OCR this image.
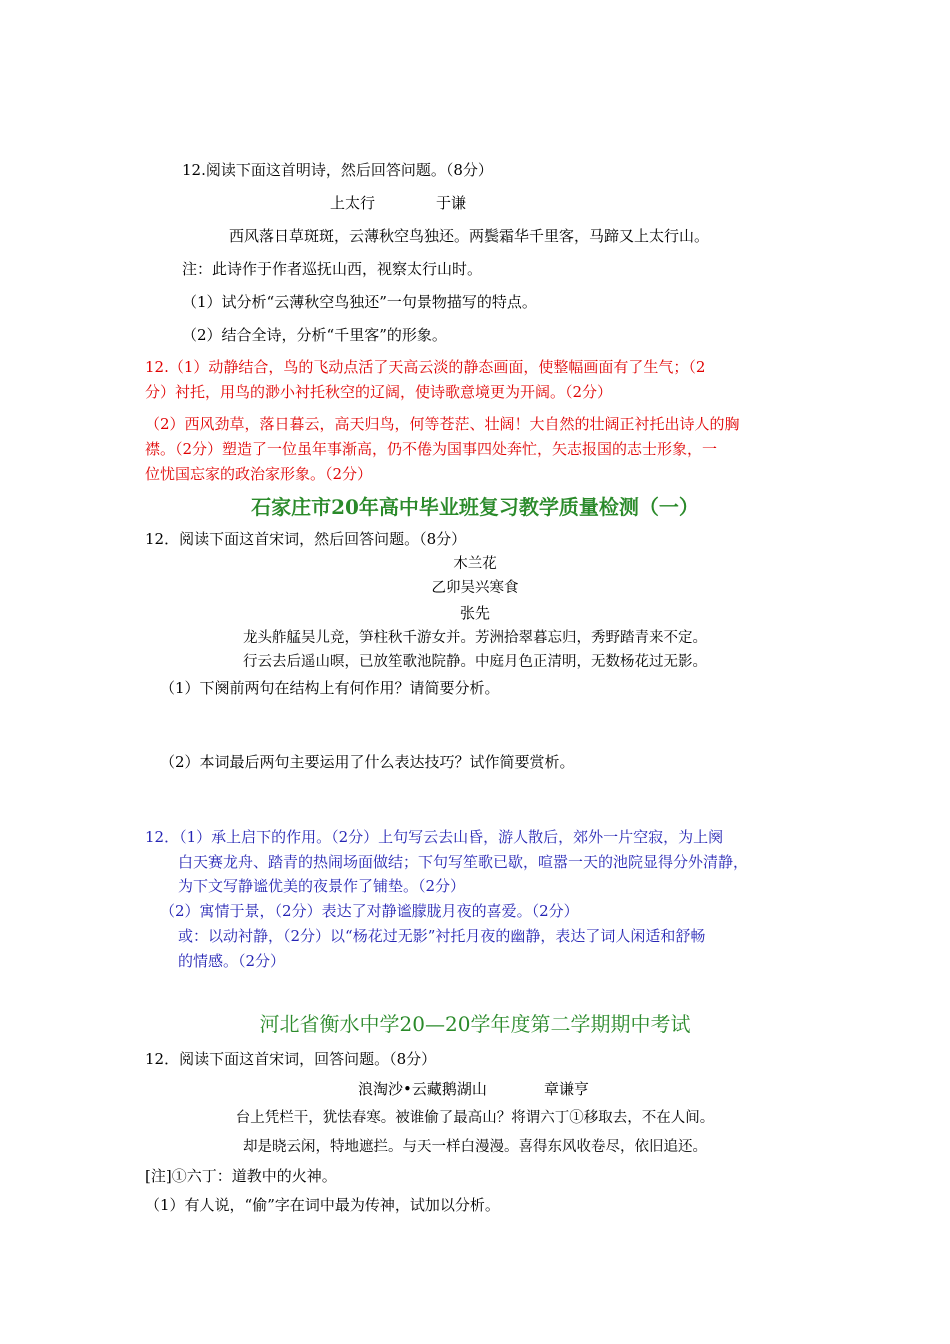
12.阅读下面这首明诗，然后回答问题。（8分）
上太行	于谦
西风落日草斑斑，云薄秋空鸟独还。两鬓霜华千里客，马蹄又上太行山。
注：此诗作于作者巡抚山西，视察太行山时。
（1）试分析“云薄秋空鸟独还”一句景物描写的特点。
（2）结合全诗，分析“千里客”的形象。
12.（1）动静结合，鸟的飞动点活了天高云淡的静态画面，使整幅画面有了生气；（2
分）衬托，用鸟的渺小衬托秋空的辽阔，使诗歌意境更为开阔。（2分）
（2）西风劲草，落日暮云，高天归鸟，何等苍茫、壮阔！大自然的壮阔正衬托出诗人的胸
襟。（2分）塑造了一位虽年事渐高，仍不倦为国事四处奔忙，矢志报国的志士形象，一
位忧国忘家的政治家形象。（2分）
石家庄市20年高中毕业班复习教学质量检测（一）
12．阅读下面这首宋词，然后回答问题。（8分）
木兰花
乙卯吴兴寒食
张先
龙头舴艋吴儿竞，笋柱秋千游女并。芳洲拾翠暮忘归，秀野踏青来不定。
行云去后遥山暝，已放笙歌池院静。中庭月色正清明，无数杨花过无影。
（1）下阕前两句在结构上有何作用？请简要分析。
（2）本词最后两句主要运用了什么表达技巧？试作简要赏析。
12．（1）承上启下的作用。（2分）上句写云去山昏，游人散后，郊外一片空寂，为上阕
白天赛龙舟、踏青的热闹场面做结；下句写笙歌已歇，喧嚣一天的池院显得分外清静，
为下文写静谧优美的夜景作了铺垫。（2分）
（2）寓情于景，（2分）表达了对静谧朦胧月夜的喜爱。（2分）
或：以动衬静，（2分）以“杨花过无影”衬托月夜的幽静，表达了词人闲适和舒畅
的情感。（2分）
河北省衡水中学20—20学年度第二学期期中考试
12．阅读下面这首宋词，回答问题。（8分）
浪淘沙•云藏鹅湖山	章谦亨
台上凭栏干，犹怯春寒。被谁偷了最高山？将谓六丁①移取去，不在人间。
却是晓云闲，特地遮拦。与天一样白漫漫。喜得东风收卷尽，依旧追还。
[注]①六丁：道教中的火神。
（1）有人说，“偷”字在词中最为传神，试加以分析。
